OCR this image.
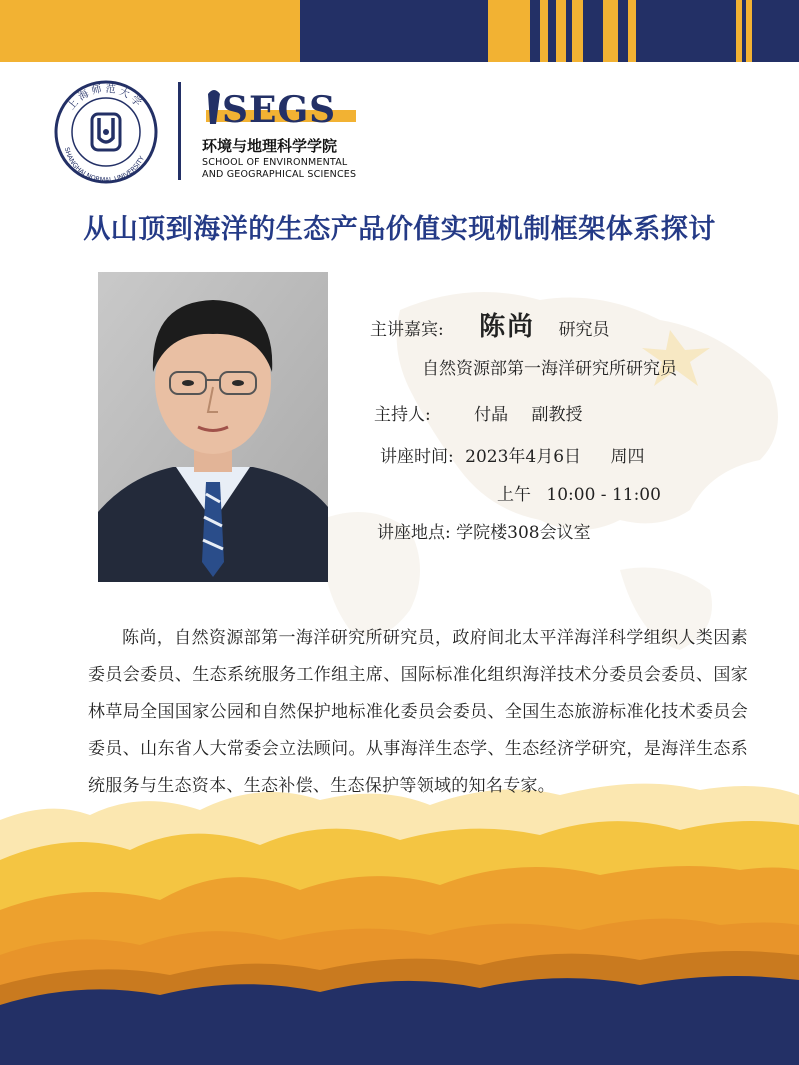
上 海 师 范 大 学
SHANGHAI NORMAL UNIVERSITY
SEGS
环境与地理科学学院
SCHOOL OF ENVIRONMENTAL
AND GEOGRAPHICAL SCIENCES
从山顶到海洋的生态产品价值实现机制框架体系探讨
主讲嘉宾: 陈尚 研究员
自然资源部第一海洋研究所研究员
主持人:	付晶 副教授
讲座时间: 2023年4月6日 周四
上午 10:00 - 11:00
讲座地点: 学院楼308会议室
陈尚，自然资源部第一海洋研究所研究员，政府间北太平洋海洋科学组织人类因素委员会委员、生态系统服务工作组主席、国际标准化组织海洋技术分委员会委员、国家林草局全国国家公园和自然保护地标准化委员会委员、全国生态旅游标准化技术委员会委员、山东省人大常委会立法顾问。从事海洋生态学、生态经济学研究，是海洋生态系统服务与生态资本、生态补偿、生态保护等领域的知名专家。
